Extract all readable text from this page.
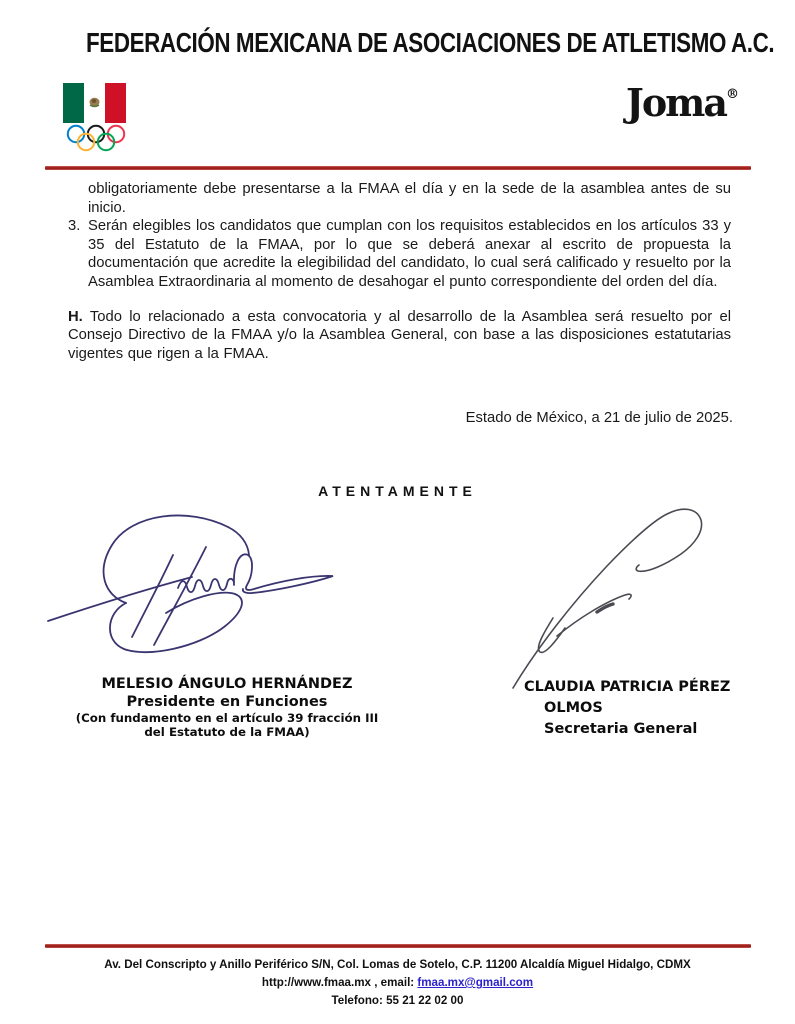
FEDERACIÓN MEXICANA DE ASOCIACIONES DE ATLETISMO A.C.
Joma®

obligatoriamente debe presentarse a la FMAA el día y en la sede de la asamblea antes de su inicio.

3. Serán elegibles los candidatos que cumplan con los requisitos establecidos en los artículos 33 y 35 del Estatuto de la FMAA, por lo que se deberá anexar al escrito de propuesta la documentación que acredite la elegibilidad del candidato, lo cual será calificado y resuelto por la Asamblea Extraordinaria al momento de desahogar el punto correspondiente del orden del día.

H. Todo lo relacionado a esta convocatoria y al desarrollo de la Asamblea será resuelto por el Consejo Directivo de la FMAA y/o la Asamblea General, con base a las disposiciones estatutarias vigentes que rigen a la FMAA.

Estado de México, a 21 de julio de 2025.
ATENTAMENTE
MELESIO ÁNGULO HERNÁNDEZ
Presidente en Funciones
(Con fundamento en el artículo 39 fracción III
del Estatuto de la FMAA)
CLAUDIA PATRICIA PÉREZ
OLMOS
Secretaria General
Av. Del Conscripto y Anillo Periférico S/N, Col. Lomas de Sotelo, C.P. 11200 Alcaldía Miguel Hidalgo, CDMX
http://www.fmaa.mx , email: fmaa.mx@gmail.com
Telefono: 55 21 22 02 00
